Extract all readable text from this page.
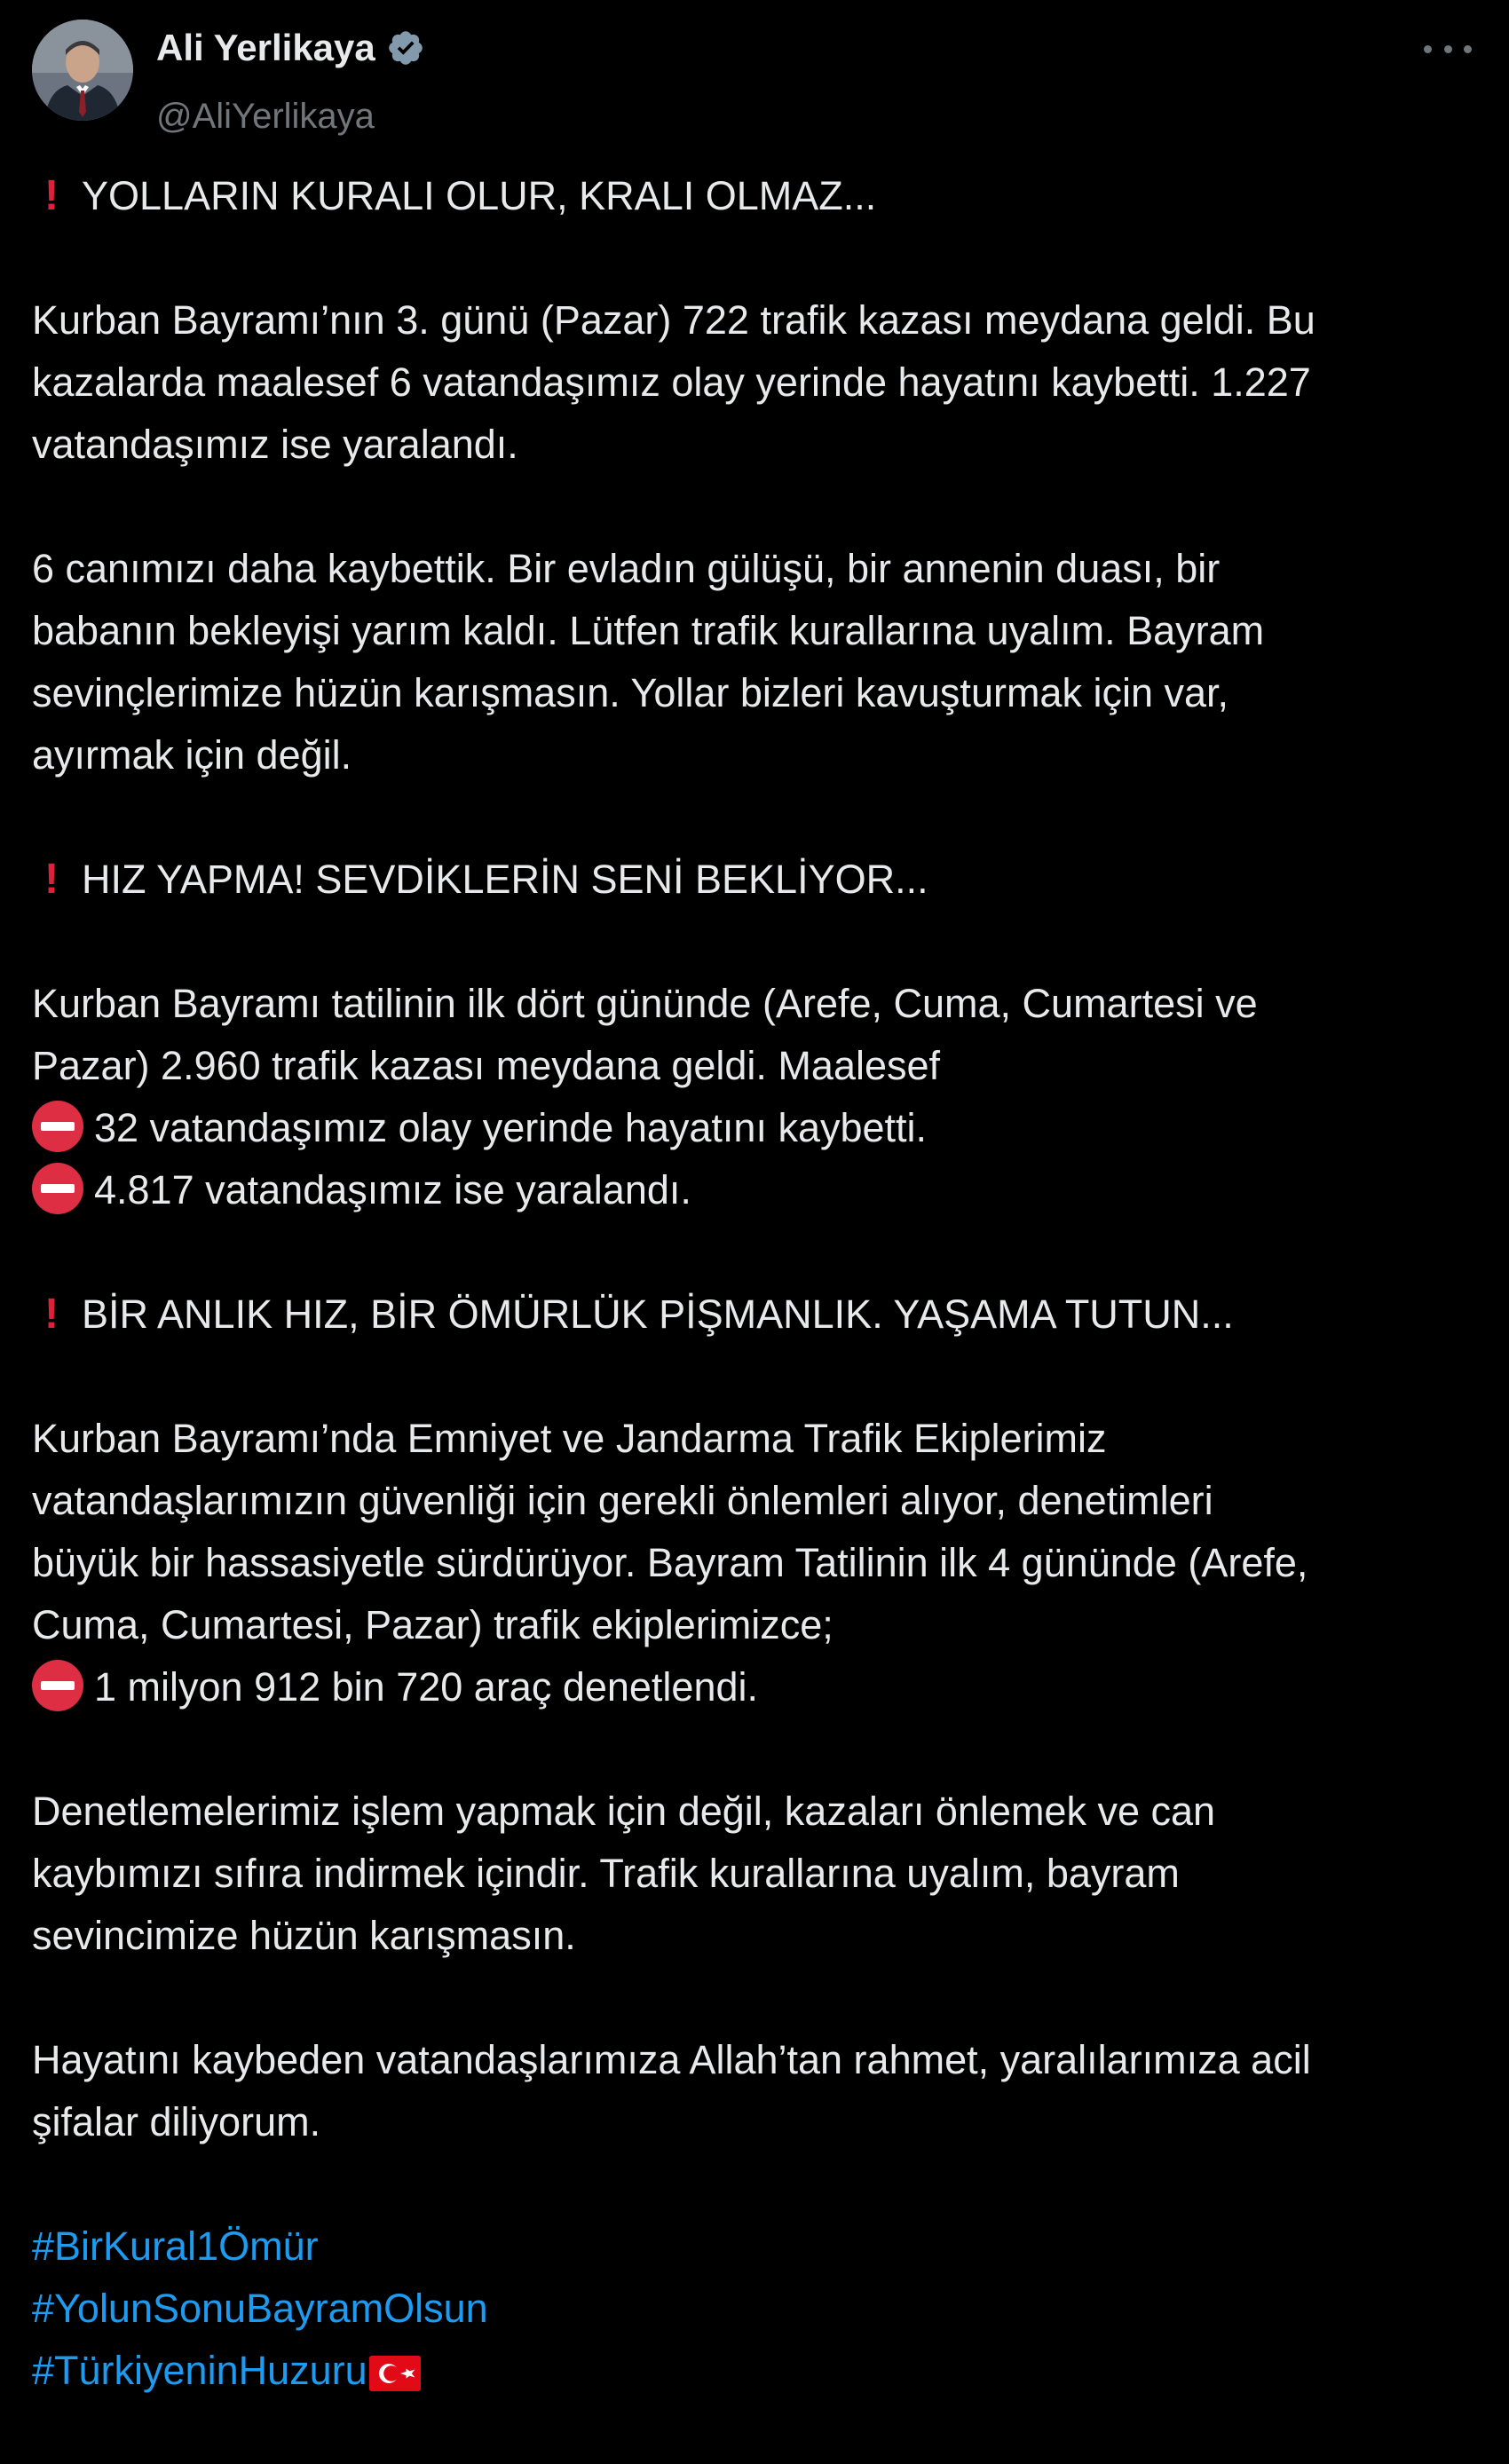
Ali Yerlikaya
@AliYerlikaya
! YOLLARIN KURALI OLUR, KRALI OLMAZ...
Kurban Bayramı’nın 3. günü (Pazar) 722 trafik kazası meydana geldi. Bu
kazalarda maalesef 6 vatandaşımız olay yerinde hayatını kaybetti. 1.227
vatandaşımız ise yaralandı.
6 canımızı daha kaybettik. Bir evladın gülüşü, bir annenin duası, bir
babanın bekleyişi yarım kaldı. Lütfen trafik kurallarına uyalım. Bayram
sevinçlerimize hüzün karışmasın. Yollar bizleri kavuşturmak için var,
ayırmak için değil.
! HIZ YAPMA! SEVDİKLERİN SENİ BEKLİYOR...
Kurban Bayramı tatilinin ilk dört gününde (Arefe, Cuma, Cumartesi ve
Pazar) 2.960 trafik kazası meydana geldi. Maalesef
32 vatandaşımız olay yerinde hayatını kaybetti.
4.817 vatandaşımız ise yaralandı.
! BİR ANLIK HIZ, BİR ÖMÜRLÜK PİŞMANLIK. YAŞAMA TUTUN...
Kurban Bayramı’nda Emniyet ve Jandarma Trafik Ekiplerimiz
vatandaşlarımızın güvenliği için gerekli önlemleri alıyor, denetimleri
büyük bir hassasiyetle sürdürüyor. Bayram Tatilinin ilk 4 gününde (Arefe,
Cuma, Cumartesi, Pazar) trafik ekiplerimizce;
1 milyon 912 bin 720 araç denetlendi.
Denetlemelerimiz işlem yapmak için değil, kazaları önlemek ve can
kaybımızı sıfıra indirmek içindir. Trafik kurallarına uyalım, bayram
sevincimize hüzün karışmasın.
Hayatını kaybeden vatandaşlarımıza Allah’tan rahmet, yaralılarımıza acil
şifalar diliyorum.
#BirKural1Ömür
#YolunSonuBayramOlsun
#TürkiyeninHuzuru
